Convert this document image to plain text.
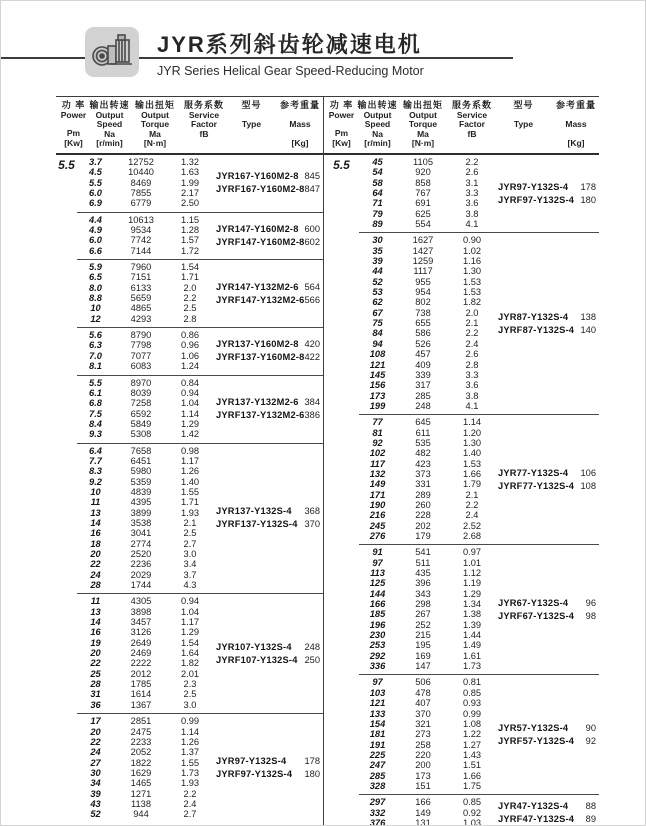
JYR系列斜齿轮减速电机
JYR Series Helical Gear Speed-Reducing Motor
功 率
Power
Pm
[Kw]
输出转速
Output
Speed
Na
[r/min]
输出扭矩
Output
Torque
Ma
[N·m]
服务系数
Service
Factor
fB
型号
Type
参考重量
Mass
[Kg]
5.5	3.7	12752	1.32
4.5	10440	1.63
5.5	8469	1.99
6.0	7855	2.17
6.9	6779	2.50
JYR167-Y160M2-8 845
JYRF167-Y160M2-8 847
4.4	10613	1.15
4.9	9534	1.28
6.0	7742	1.57
6.6	7144	1.72
JYR147-Y160M2-8 600
JYRF147-Y160M2-8 602
5.9	7960	1.54
6.5	7151	1.71
8.0	6133	2.0
8.8	5659	2.2
10	4865	2.5
12	4293	2.8
JYR147-Y132M2-6 564
JYRF147-Y132M2-6 566
5.6	8790	0.86
6.3	7798	0.96
7.0	7077	1.06
8.1	6083	1.24
JYR137-Y160M2-8 420
JYRF137-Y160M2-8 422
5.5	8970	0.84
6.1	8039	0.94
6.8	7258	1.04
7.5	6592	1.14
8.4	5849	1.29
9.3	5308	1.42
JYR137-Y132M2-6 384
JYRF137-Y132M2-6 386
6.4	7658	0.98
7.7	6451	1.17
8.3	5980	1.26
9.2	5359	1.40
10	4839	1.55
11	4395	1.71
13	3899	1.93
14	3538	2.1
16	3041	2.5
18	2774	2.7
20	2520	3.0
22	2236	3.4
24	2029	3.7
28	1744	4.3
JYR137-Y132S-4 368
JYRF137-Y132S-4 370
11	4305	0.94
13	3898	1.04
14	3457	1.17
16	3126	1.29
19	2649	1.54
20	2469	1.64
22	2222	1.82
25	2012	2.01
28	1785	2.3
31	1614	2.5
36	1367	3.0
JYR107-Y132S-4 248
JYRF107-Y132S-4 250
17	2851	0.99
20	2475	1.14
22	2233	1.26
24	2052	1.37
27	1822	1.55
30	1629	1.73
34	1465	1.93
39	1271	2.2
43	1138	2.4
52	944	2.7
JYR97-Y132S-4 178
JYRF97-Y132S-4 180
功 率
Power
Pm
[Kw]
输出转速
Output
Speed
Na
[r/min]
输出扭矩
Output
Torque
Ma
[N·m]
服务系数
Service
Factor
fB
型号
Type
参考重量
Mass
[Kg]
5.5	45	1105	2.2
54	920	2.6
58	858	3.1
64	767	3.3
71	691	3.6
79	625	3.8
89	554	4.1
JYR97-Y132S-4 178
JYRF97-Y132S-4 180
30	1627	0.90
35	1427	1.02
39	1259	1.16
44	1117	1.30
52	955	1.53
53	954	1.53
62	802	1.82
67	738	2.0
75	655	2.1
84	586	2.2
94	526	2.4
108	457	2.6
121	409	2.8
145	339	3.3
156	317	3.6
173	285	3.8
199	248	4.1
JYR87-Y132S-4 138
JYRF87-Y132S-4 140
77	645	1.14
81	611	1.20
92	535	1.30
102	482	1.40
117	423	1.53
132	373	1.66
149	331	1.79
171	289	2.1
190	260	2.2
216	228	2.4
245	202	2.52
276	179	2.68
JYR77-Y132S-4 106
JYRF77-Y132S-4 108
91	541	0.97
97	511	1.01
113	435	1.12
125	396	1.19
144	343	1.29
166	298	1.34
185	267	1.38
196	252	1.39
230	215	1.44
253	195	1.49
292	169	1.61
336	147	1.73
JYR67-Y132S-4 96
JYRF67-Y132S-4 98
97	506	0.81
103	478	0.85
121	407	0.93
133	370	0.99
154	321	1.08
181	273	1.22
191	258	1.27
225	220	1.43
247	200	1.51
285	173	1.66
328	151	1.75
JYR57-Y132S-4 90
JYRF57-Y132S-4 92
297	166	0.85
332	149	0.92
376	131	1.03
JYR47-Y132S-4 88
JYRF47-Y132S-4 89
